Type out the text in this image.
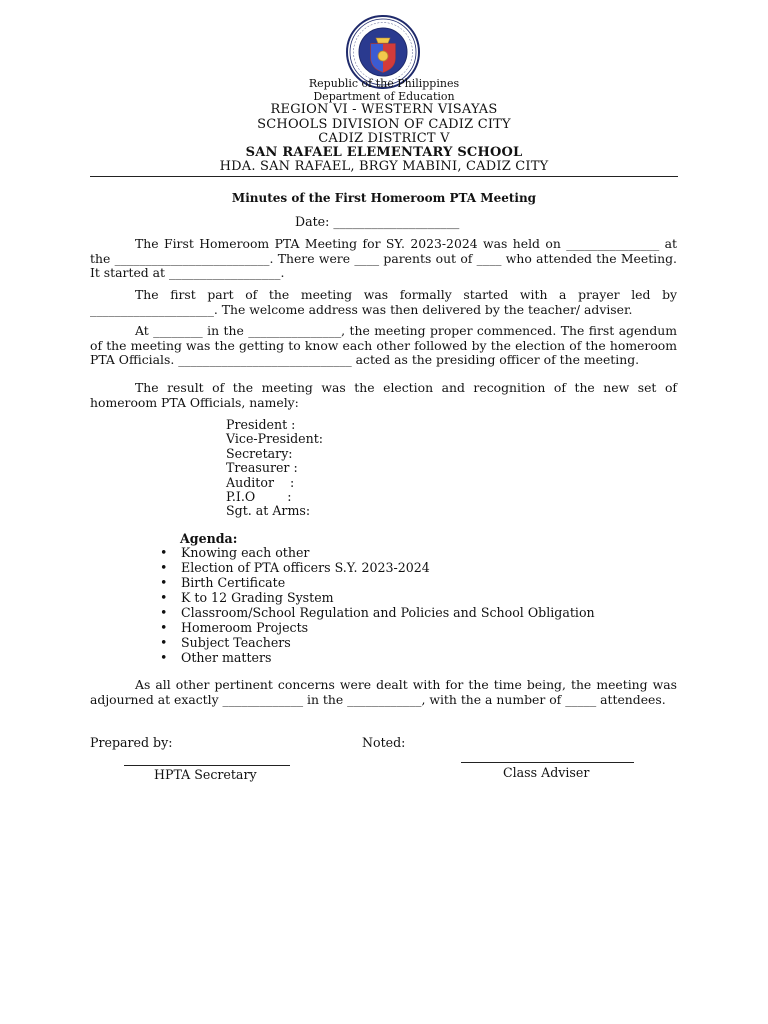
Republic of the Philippines
Department of Education
REGION VI - WESTERN VISAYAS
SCHOOLS DIVISION OF CADIZ CITY
CADIZ DISTRICT V
SAN RAFAEL ELEMENTARY SCHOOL
HDA. SAN RAFAEL, BRGY MABINI, CADIZ CITY
Minutes of the First Homeroom PTA Meeting
Date: ____________________
The First Homeroom PTA Meeting for SY. 2023-2024 was held on _______________ at the _________________________. There were ____ parents out of ____ who attended the Meeting. It started at __________________.
The first part of the meeting was formally started with a prayer led by ____________________. The welcome address was then delivered by the teacher/ adviser.
At ________ in the _______________, the meeting proper commenced. The first agendum of the meeting was the getting to know each other followed by the election of the homeroom PTA Officials. ____________________________ acted as the presiding officer of the meeting.
The result of the meeting was the election and recognition of the new set of homeroom PTA Officials, namely:
President :
Vice-President:
Secretary:
Treasurer :
Auditor    :
P.I.O        :
Sgt. at Arms:
Agenda:
• Knowing each other
• Election of PTA officers S.Y. 2023-2024
• Birth Certificate
• K to 12 Grading System
• Classroom/School Regulation and Policies and School Obligation
• Homeroom Projects
• Subject Teachers
• Other matters
As all other pertinent concerns were dealt with for the time being, the meeting was adjourned at exactly _____________ in the ____________, with the a number of _____ attendees.
Prepared by:	Noted:
HPTA Secretary	Class Adviser
